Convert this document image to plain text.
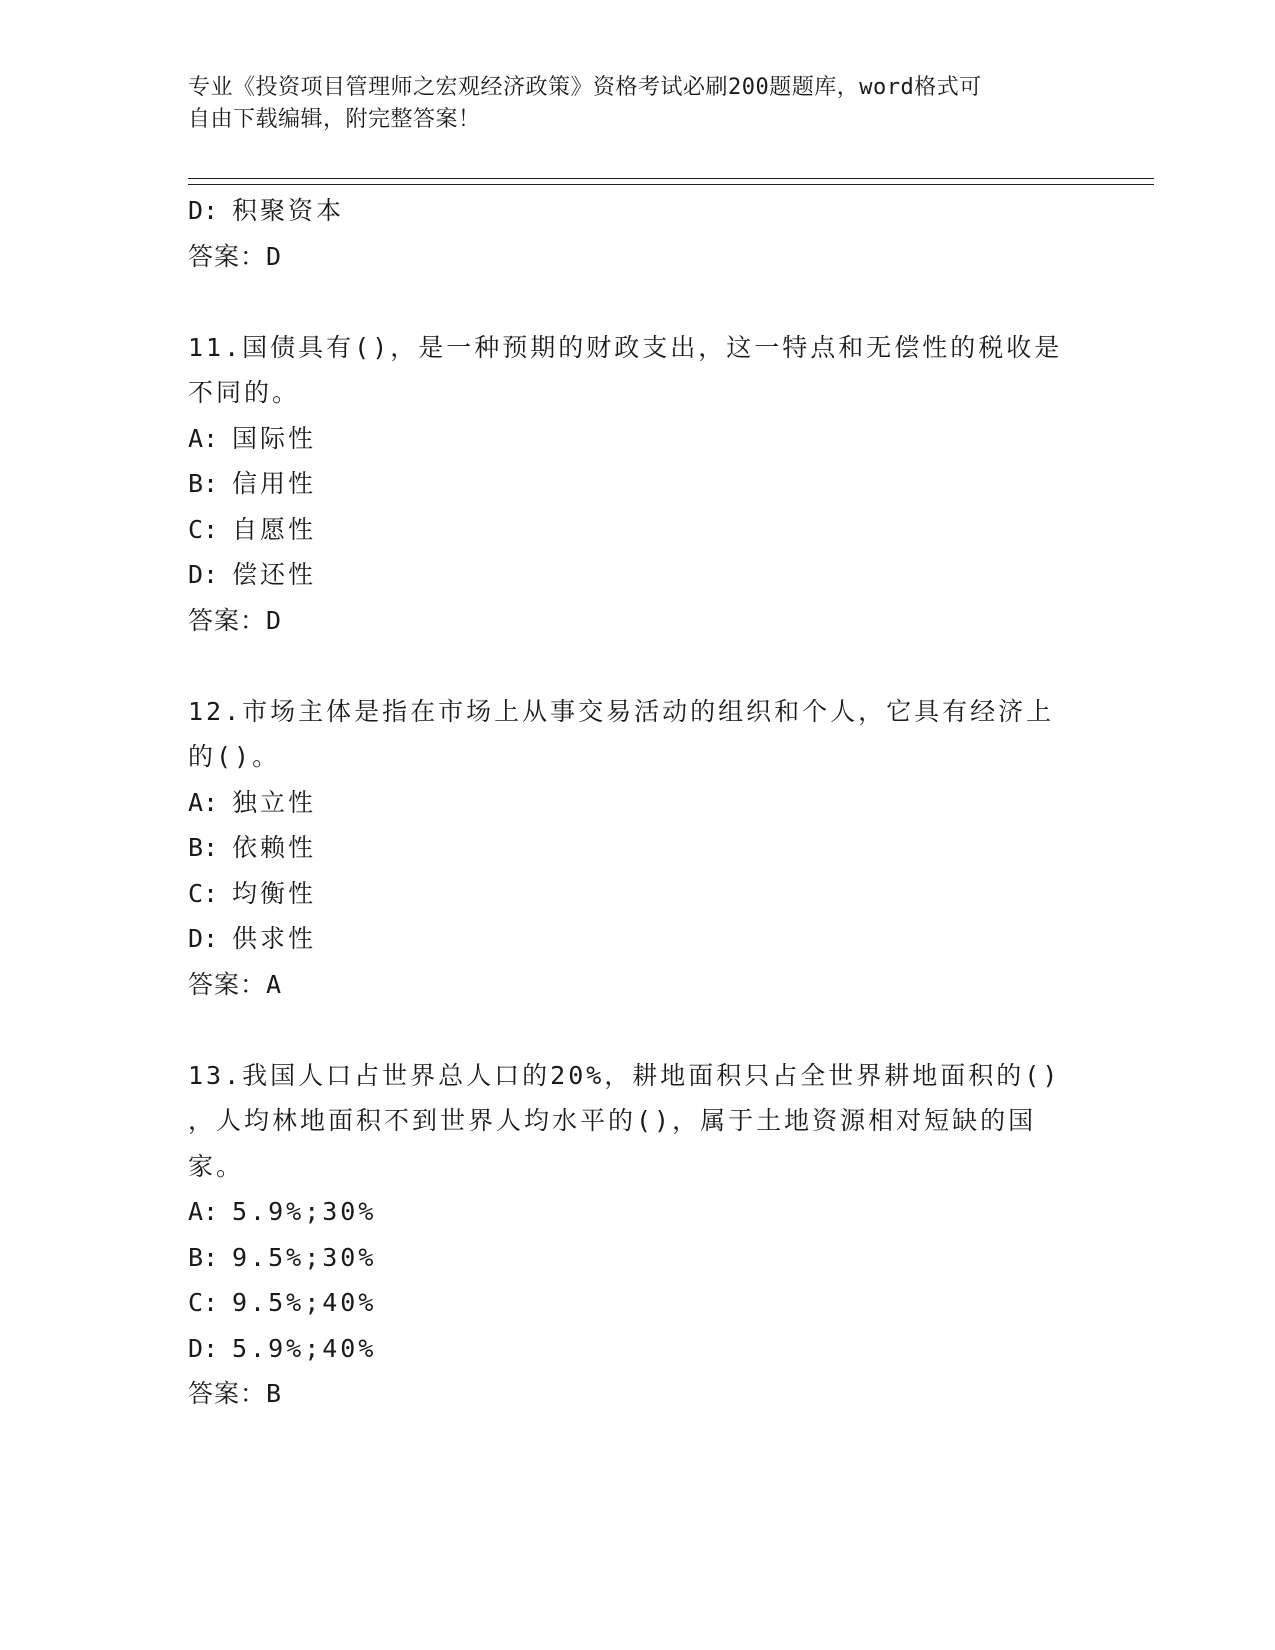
专业《投资项目管理师之宏观经济政策》资格考试必刷200题题库，word格式可
自由下载编辑，附完整答案！
D: 积聚资本
答案：D
11.国债具有()，是一种预期的财政支出，这一特点和无偿性的税收是
不同的。
A: 国际性
B: 信用性
C: 自愿性
D: 偿还性
答案：D
12.市场主体是指在市场上从事交易活动的组织和个人，它具有经济上
的()。
A: 独立性
B: 依赖性
C: 均衡性
D: 供求性
答案：A
13.我国人口占世界总人口的20%，耕地面积只占全世界耕地面积的()
，人均林地面积不到世界人均水平的()，属于土地资源相对短缺的国
家。
A: 5.9%;30%
B: 9.5%;30%
C: 9.5%;40%
D: 5.9%;40%
答案：B
